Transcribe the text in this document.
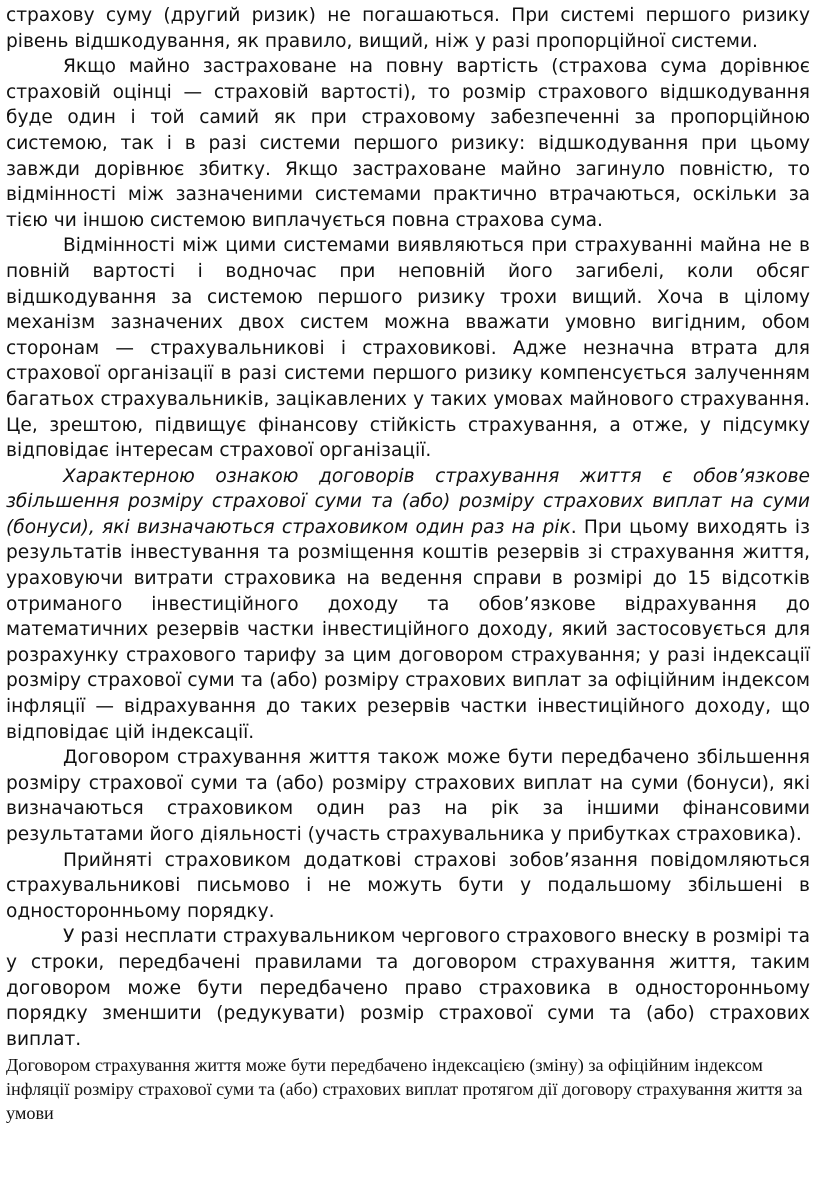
страхову суму (другий ризик) не погашаються. При системі першого ризику рівень відшкодування, як правило, вищий, ніж у разі пропорційної системи.

Якщо майно застраховане на повну вартість (страхова сума дорівнює страховій оцінці — страховій вартості), то розмір страхового відшкодування буде один і той самий як при страховому забезпеченні за пропорційною системою, так і в разі системи першого ризику: відшкодування при цьому завжди дорівнює збитку. Якщо застраховане майно загинуло повністю, то відмінності між зазначеними системами практично втрачаються, оскільки за тією чи іншою системою виплачується повна страхова сума.

Відмінності між цими системами виявляються при страхуванні майна не в повній вартості і водночас при неповній його загибелі, коли обсяг відшкодування за системою першого ризику трохи вищий. Хоча в цілому механізм зазначених двох систем можна вважати умовно вигідним, обом сторонам — страхувальникові і страховикові. Адже незначна втрата для страхової організації в разі системи першого ризику компенсується залученням багатьох страхувальників, зацікавлених у таких умовах майнового страхування. Це, зрештою, підвищує фінансову стійкість страхування, а отже, у підсумку відповідає інтересам страхової організації.

Характерною ознакою договорів страхування життя є обов’язкове збільшення розміру страхової суми та (або) розміру страхових виплат на суми (бонуси), які визначаються страховиком один раз на рік. При цьому виходять із результатів інвестування та розміщення коштів резервів зі страхування життя, ураховуючи витрати страховика на ведення справи в розмірі до 15 відсотків отриманого інвестиційного доходу та обов’язкове відрахування до математичних резервів частки інвестиційного доходу, який застосовується для розрахунку страхового тарифу за цим договором страхування; у разі індексації розміру страхової суми та (або) розміру страхових виплат за офіційним індексом інфляції — відрахування до таких резервів частки інвестиційного доходу, що відповідає цій індексації.

Договором страхування життя також може бути передбачено збільшення розміру страхової суми та (або) розміру страхових виплат на суми (бонуси), які визначаються страховиком один раз на рік за іншими фінансовими результатами його діяльності (участь страхувальника у прибутках страховика).

Прийняті страховиком додаткові страхові зобов’язання повідомляються страхувальникові письмово і не можуть бути у подальшому збільшені в односторонньому порядку.

У разі несплати страхувальником чергового страхового внеску в розмірі та у строки, передбачені правилами та договором страхування життя, таким договором може бути передбачено право страховика в односторонньому порядку зменшити (редукувати) розмір страхової суми та (або) страхових виплат.

Договором страхування життя може бути передбачено індексацією (зміну) за офіційним індексом інфляції розміру страхової суми та (або) страхових виплат протягом дії договору страхування життя за умови
